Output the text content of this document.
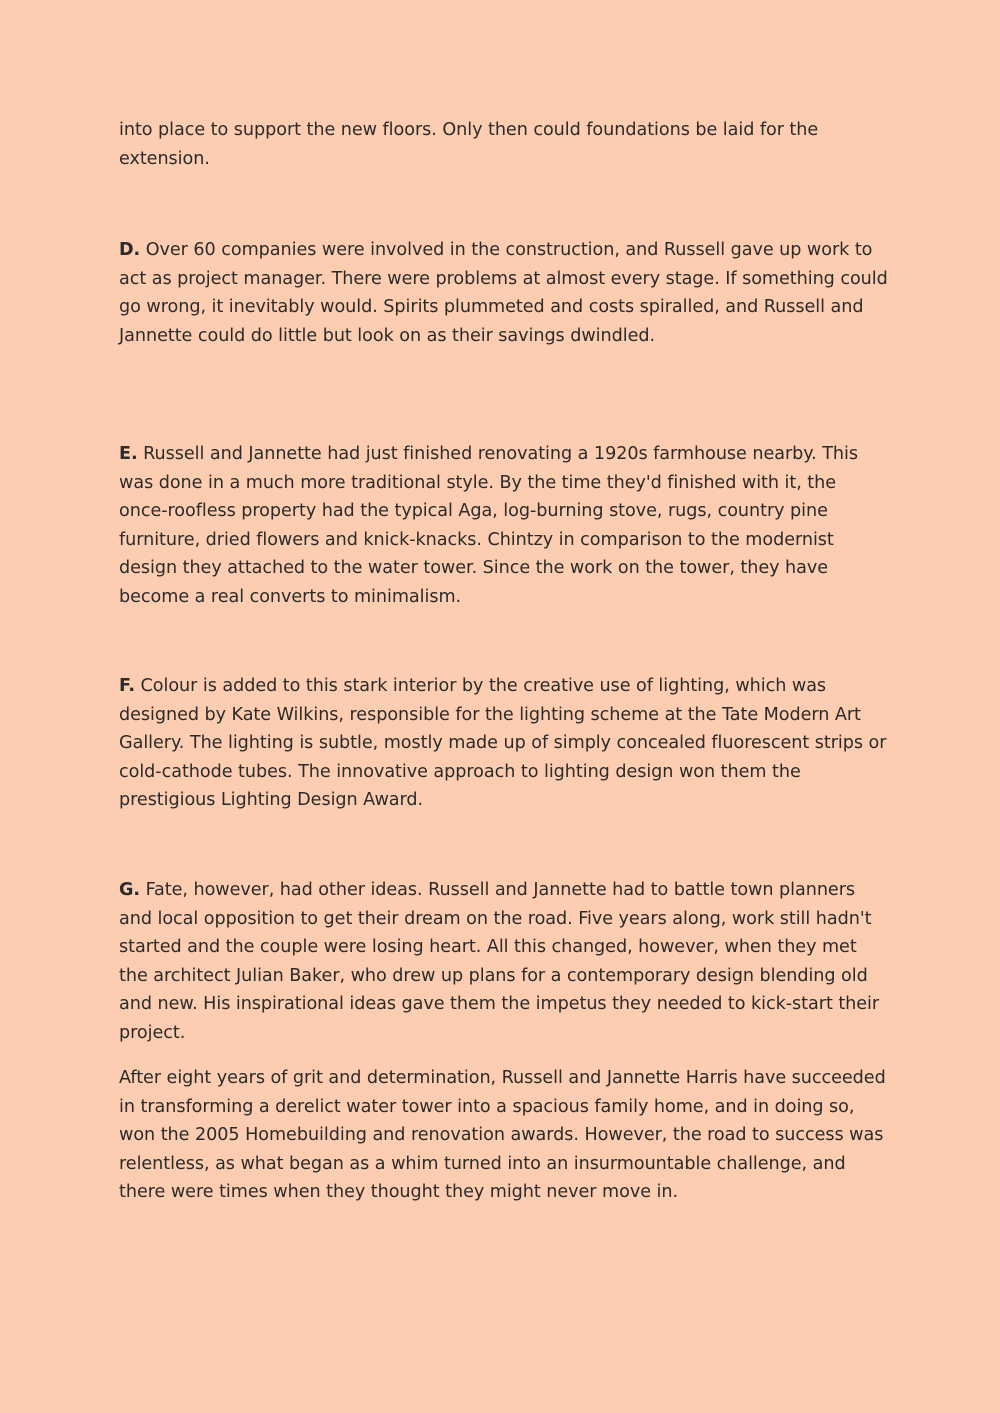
into place to support the new floors. Only then could foundations be laid for the extension.

D. Over 60 companies were involved in the construction, and Russell gave up work to act as project manager. There were problems at almost every stage. If something could go wrong, it inevitably would. Spirits plummeted and costs spiralled, and Russell and Jannette could do little but look on as their savings dwindled.

E. Russell and Jannette had just finished renovating a 1920s farmhouse nearby. This was done in a much more traditional style. By the time they'd finished with it, the once-roofless property had the typical Aga, log-burning stove, rugs, country pine furniture, dried flowers and knick-knacks. Chintzy in comparison to the modernist design they attached to the water tower. Since the work on the tower, they have become a real converts to minimalism.

F. Colour is added to this stark interior by the creative use of lighting, which was designed by Kate Wilkins, responsible for the lighting scheme at the Tate Modern Art Gallery. The lighting is subtle, mostly made up of simply concealed fluorescent strips or cold-cathode tubes. The innovative approach to lighting design won them the prestigious Lighting Design Award.

G. Fate, however, had other ideas. Russell and Jannette had to battle town planners and local opposition to get their dream on the road. Five years along, work still hadn't started and the couple were losing heart. All this changed, however, when they met the architect Julian Baker, who drew up plans for a contemporary design blending old and new. His inspirational ideas gave them the impetus they needed to kick-start their project.

After eight years of grit and determination, Russell and Jannette Harris have succeeded in transforming a derelict water tower into a spacious family home, and in doing so, won the 2005 Homebuilding and renovation awards. However, the road to success was relentless, as what began as a whim turned into an insurmountable challenge, and there were times when they thought they might never move in.
